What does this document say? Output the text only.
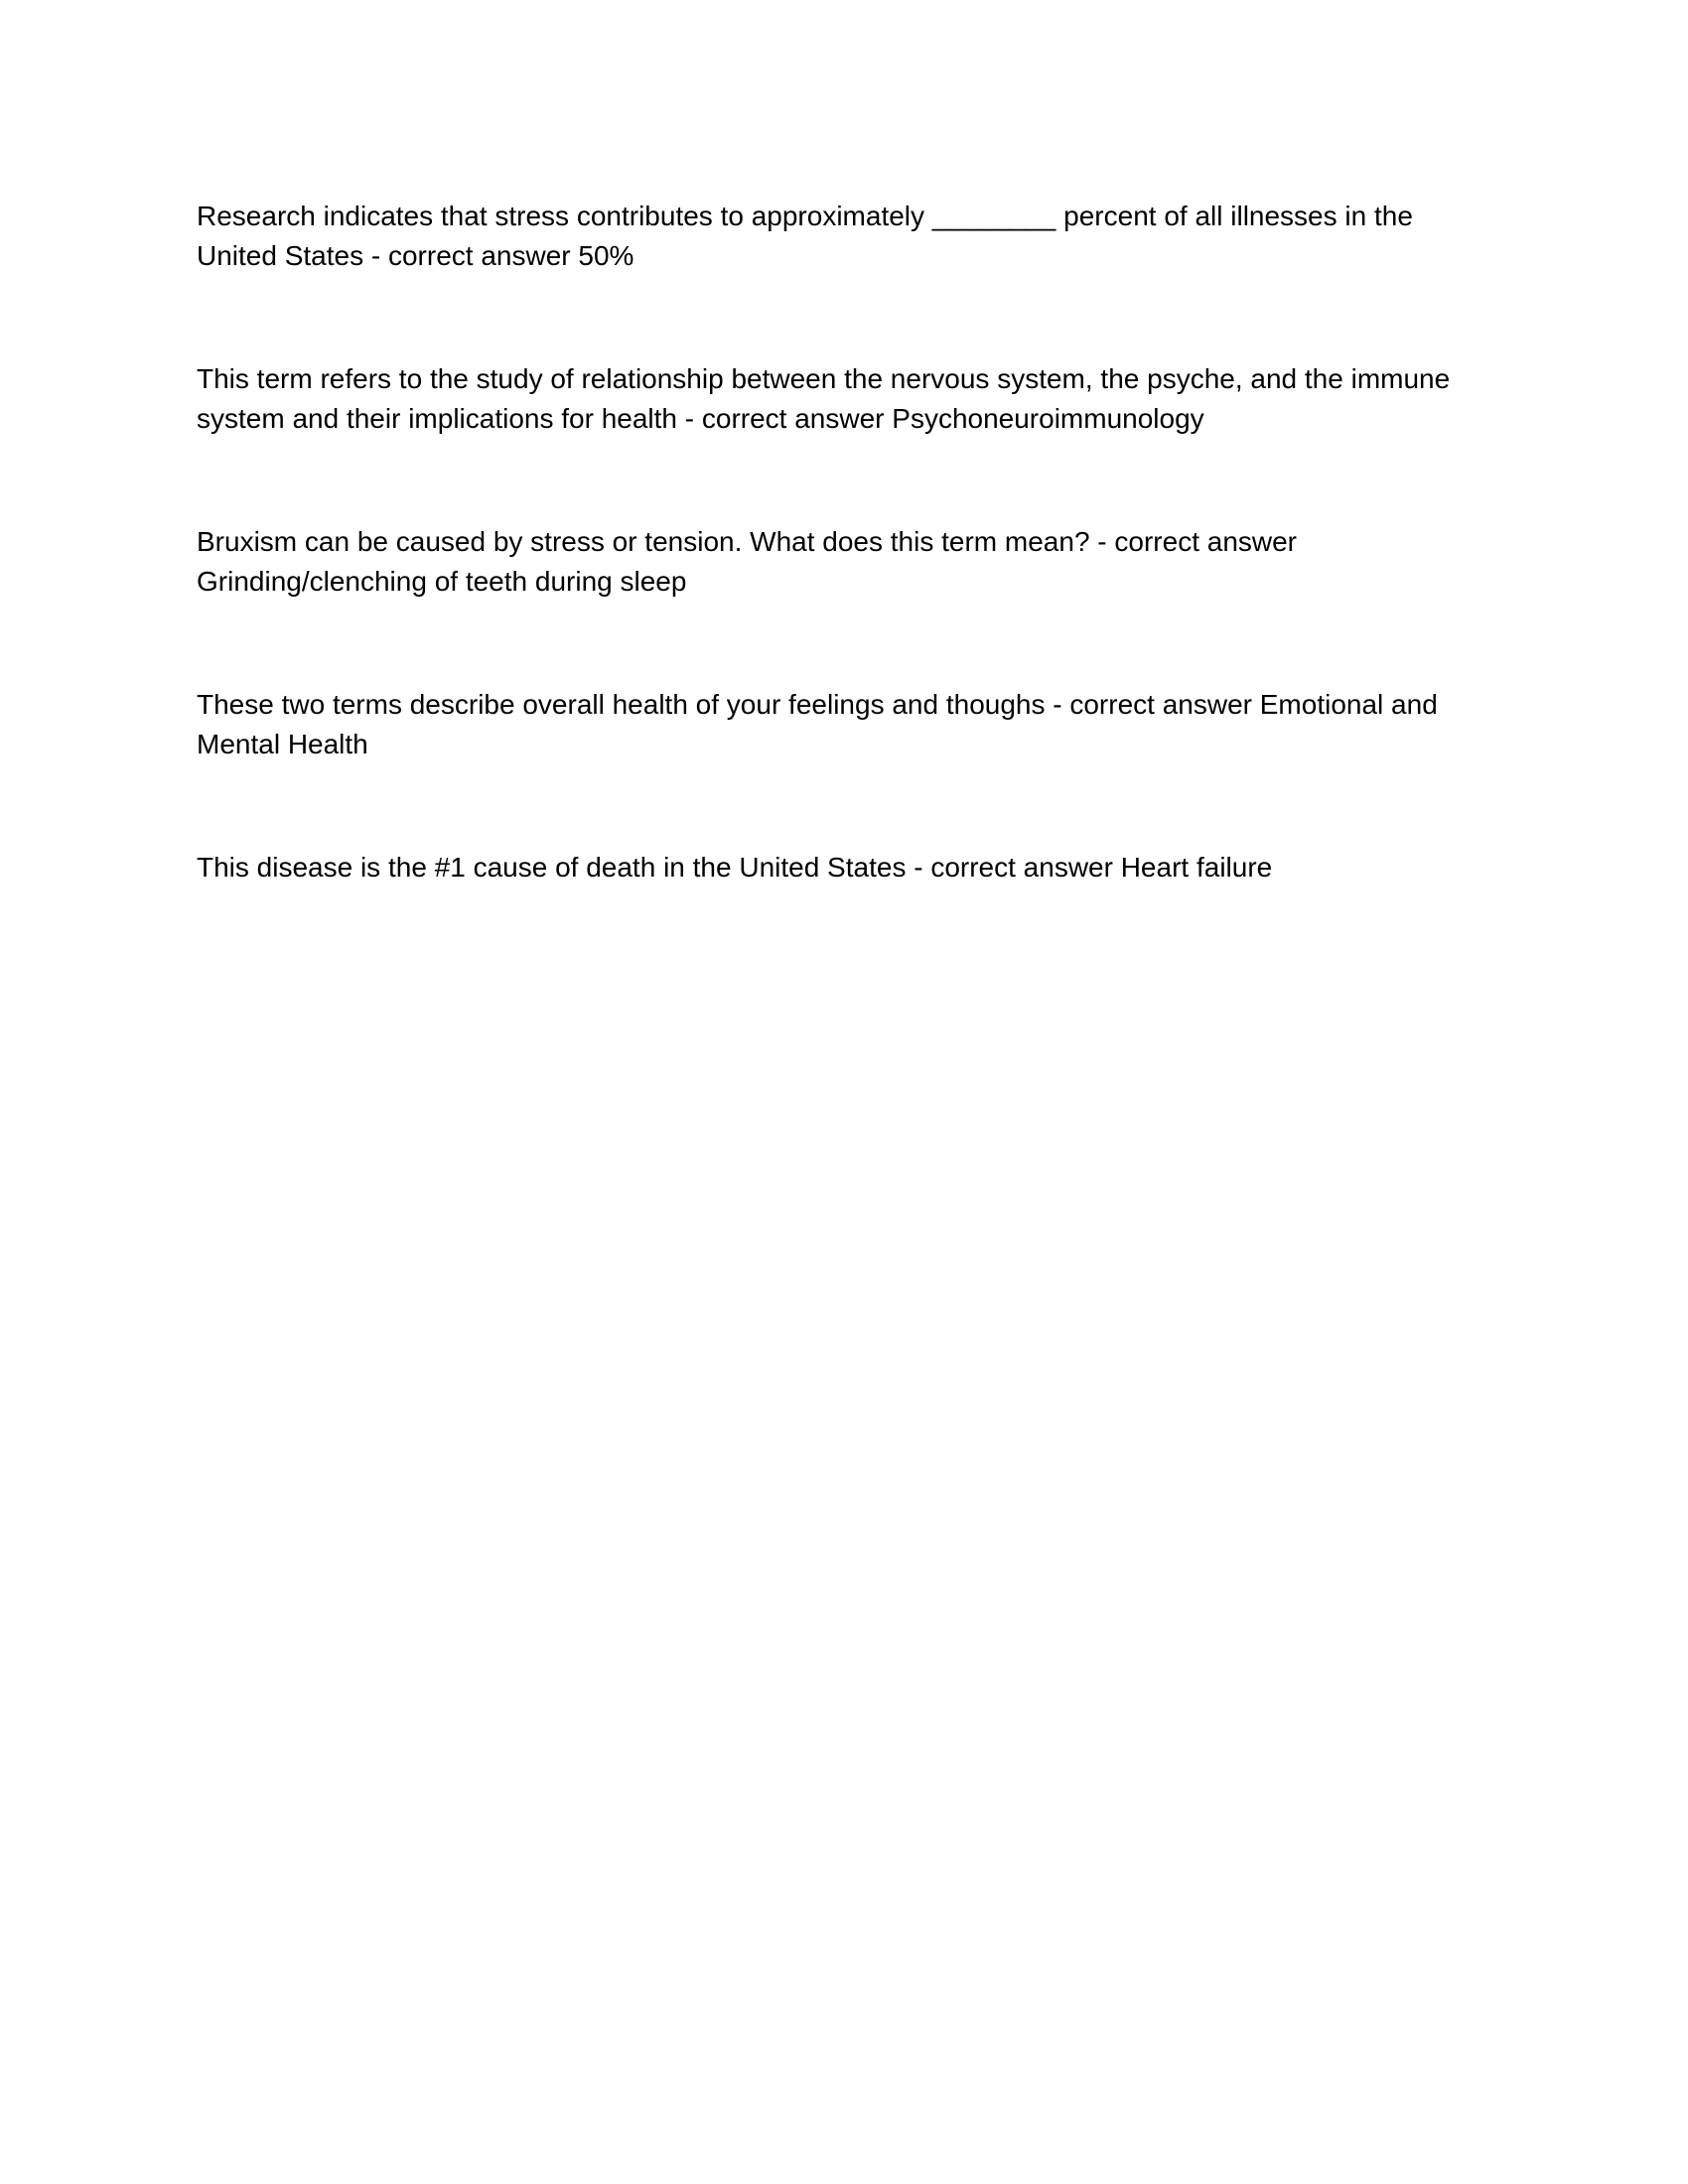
Research indicates that stress contributes to approximately ________ percent of all illnesses in the United States - correct answer 50%

This term refers to the study of relationship between the nervous system, the psyche, and the immune system and their implications for health - correct answer Psychoneuroimmunology

Bruxism can be caused by stress or tension. What does this term mean? - correct answer Grinding/clenching of teeth during sleep

These two terms describe overall health of your feelings and thoughs - correct answer Emotional and Mental Health

This disease is the #1 cause of death in the United States - correct answer Heart failure
